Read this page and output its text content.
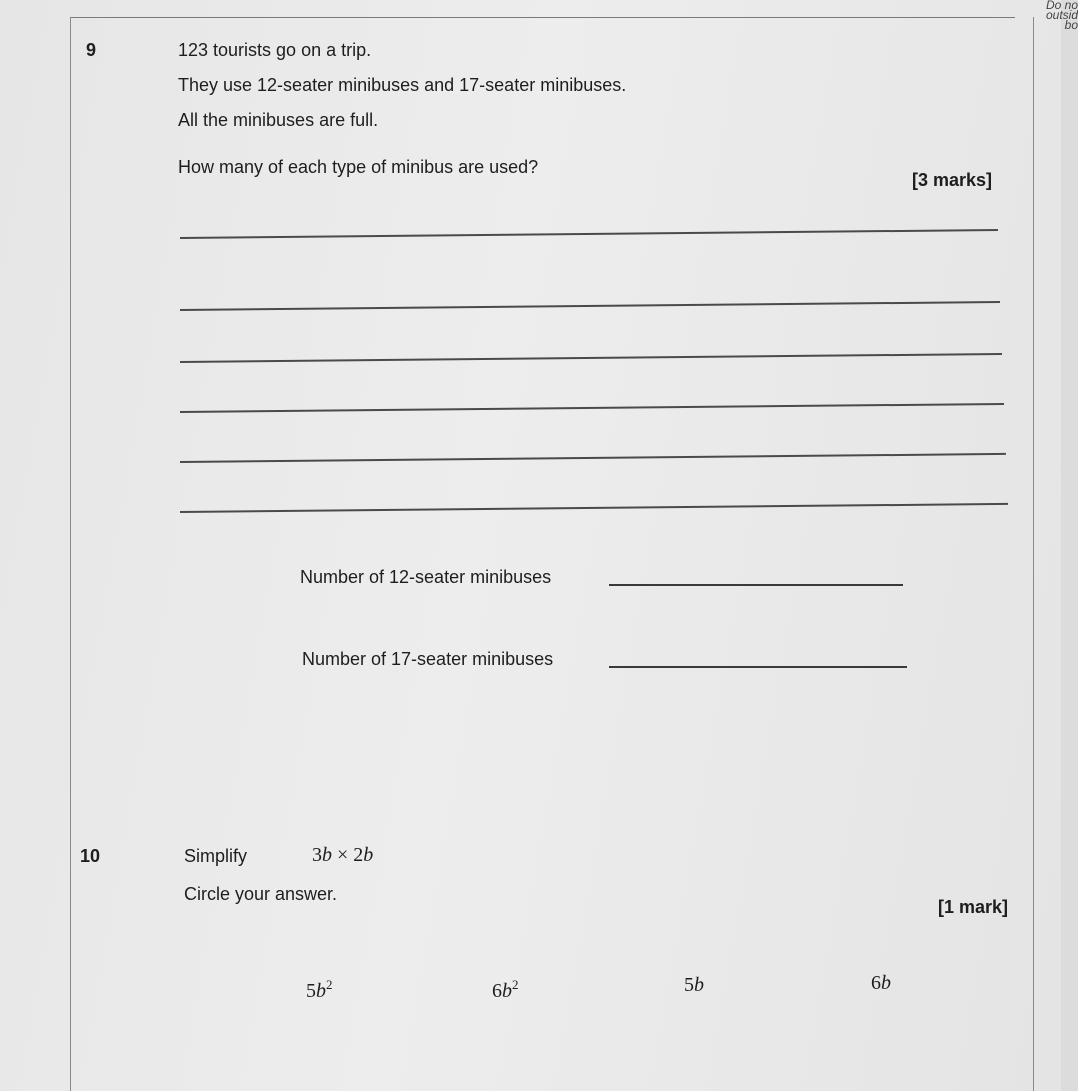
Do no
outsid
bo
9	123 tourists go on a trip.
They use 12-seater minibuses and 17-seater minibuses.
All the minibuses are full.
How many of each type of minibus are used?
[3 marks]
Number of 12-seater minibuses
Number of 17-seater minibuses
10	Simplify	3b × 2b
Circle your answer.
[1 mark]
$5b^2$	$6b^2$	5b	6b
